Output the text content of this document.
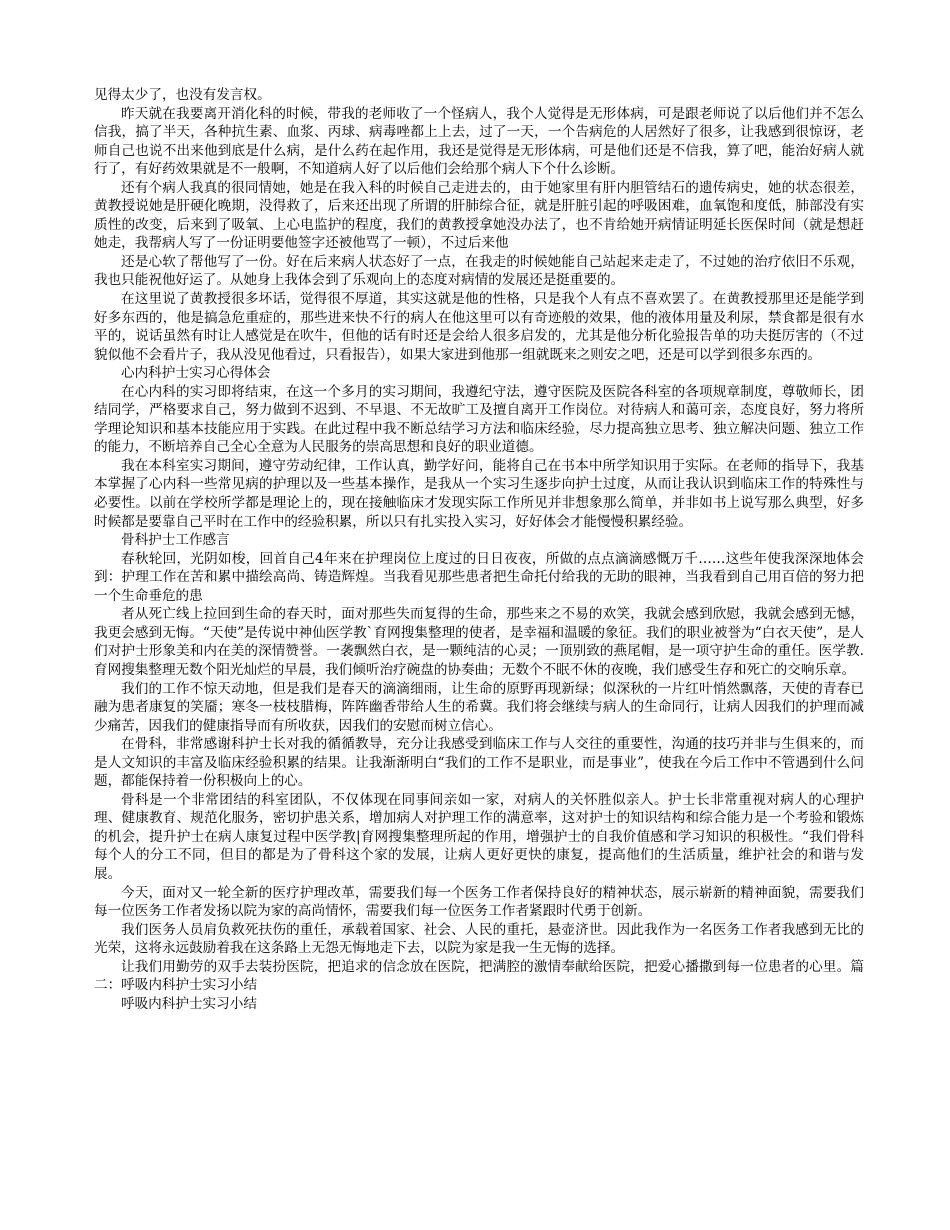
见得太少了，也没有发言权。

昨天就在我要离开消化科的时候，带我的老师收了一个怪病人，我个人觉得是无形体病，可是跟老师说了以后他们并不怎么信我，搞了半天，各种抗生素、血浆、丙球、病毒唑都上上去，过了一天，一个告病危的人居然好了很多，让我感到很惊讶，老师自己也说不出来他到底是什么病，是什么药在起作用，我还是觉得是无形体病，可是他们还是不信我，算了吧，能治好病人就行了，有好药效果就是不一般啊，不知道病人好了以后他们会给那个病人下个什么诊断。

还有个病人我真的很同情她，她是在我入科的时候自己走进去的，由于她家里有肝内胆管结石的遗传病史，她的状态很差，黄教授说她是肝硬化晚期，没得救了，后来还出现了所谓的肝肺综合征，就是肝脏引起的呼吸困难，血氧饱和度低，肺部没有实质性的改变，后来到了吸氧、上心电监护的程度，我们的黄教授拿她没办法了，也不肯给她开病情证明延长医保时间（就是想赶她走，我帮病人写了一份证明要他签字还被他骂了一顿），不过后来他

还是心软了帮他写了一份。好在后来病人状态好了一点，在我走的时候她能自己站起来走走了，不过她的治疗依旧不乐观，我也只能祝他好运了。从她身上我体会到了乐观向上的态度对病情的发展还是挺重要的。

在这里说了黄教授很多坏话，觉得很不厚道，其实这就是他的性格，只是我个人有点不喜欢罢了。在黄教授那里还是能学到好多东西的，他是搞急危重症的，那些进来快不行的病人在他这里可以有奇迹般的效果，他的液体用量及利尿，禁食都是很有水平的，说话虽然有时让人感觉是在吹牛，但他的话有时还是会给人很多启发的，尤其是他分析化验报告单的功夫挺厉害的（不过貌似他不会看片子，我从没见他看过，只看报告），如果大家进到他那一组就既来之则安之吧，还是可以学到很多东西的。

心内科护士实习心得体会

在心内科的实习即将结束，在这一个多月的实习期间，我遵纪守法，遵守医院及医院各科室的各项规章制度，尊敬师长，团结同学，严格要求自己，努力做到不迟到、不早退、不无故旷工及擅自离开工作岗位。对待病人和蔼可亲，态度良好，努力将所学理论知识和基本技能应用于实践。在此过程中我不断总结学习方法和临床经验，尽力提高独立思考、独立解决问题、独立工作的能力，不断培养自己全心全意为人民服务的崇高思想和良好的职业道德。

我在本科室实习期间，遵守劳动纪律，工作认真，勤学好问，能将自己在书本中所学知识用于实际。在老师的指导下，我基本掌握了心内科一些常见病的护理以及一些基本操作，是我从一个实习生逐步向护士过度，从而让我认识到临床工作的特殊性与必要性。以前在学校所学都是理论上的，现在接触临床才发现实际工作所见并非想象那么简单，并非如书上说写那么典型，好多时候都是要靠自己平时在工作中的经验积累，所以只有扎实投入实习，好好体会才能慢慢积累经验。

骨科护士工作感言

春秋轮回，光阴如梭，回首自己4年来在护理岗位上度过的日日夜夜，所做的点点滴滴感慨万千……这些年使我深深地体会到：护理工作在苦和累中描绘高尚、铸造辉煌。当我看见那些患者把生命托付给我的无助的眼神，当我看到自己用百倍的努力把一个生命垂危的患

者从死亡线上拉回到生命的春天时，面对那些失而复得的生命，那些来之不易的欢笑，我就会感到欣慰，我就会感到无憾，我更会感到无悔。“天使”是传说中神仙医学教`育网搜集整理的使者，是幸福和温暖的象征。我们的职业被誉为“白衣天使”，是人们对护士形象美和内在美的深情赞誉。一袭飘然白衣，是一颗纯洁的心灵；一顶别致的燕尾帽，是一项守护生命的重任。医学教.育网搜集整理无数个阳光灿烂的早晨，我们倾听治疗碗盘的协奏曲；无数个不眠不休的夜晚，我们感受生存和死亡的交响乐章。

我们的工作不惊天动地，但是我们是春天的滴滴细雨，让生命的原野再现新绿；似深秋的一片红叶悄然飘落，天使的青春已融为患者康复的笑靥；寒冬一枝枝腊梅，阵阵幽香带给人生的希冀。我们将会继续与病人的生命同行，让病人因我们的护理而减少痛苦，因我们的健康指导而有所收获，因我们的安慰而树立信心。

在骨科，非常感谢科护士长对我的循循教导，充分让我感受到临床工作与人交往的重要性，沟通的技巧并非与生俱来的，而是人文知识的丰富及临床经验积累的结果。让我渐渐明白“我们的工作不是职业，而是事业”，使我在今后工作中不管遇到什么问题，都能保持着一份积极向上的心。

骨科是一个非常团结的科室团队，不仅体现在同事间亲如一家，对病人的关怀胜似亲人。护士长非常重视对病人的心理护理、健康教育、规范化服务，密切护患关系，增加病人对护理工作的满意率，这对护士的知识结构和综合能力是一个考验和锻炼的机会，提升护士在病人康复过程中医学教|育网搜集整理所起的作用，增强护士的自我价值感和学习知识的积极性。“我们骨科每个人的分工不同，但目的都是为了骨科这个家的发展，让病人更好更快的康复，提高他们的生活质量，维护社会的和谐与发展。

今天，面对又一轮全新的医疗护理改革，需要我们每一个医务工作者保持良好的精神状态，展示崭新的精神面貌，需要我们每一位医务工作者发扬以院为家的高尚情怀，需要我们每一位医务工作者紧跟时代勇于创新。

我们医务人员肩负救死扶伤的重任，承载着国家、社会、人民的重托，悬壶济世。因此我作为一名医务工作者我感到无比的光荣，这将永远鼓励着我在这条路上无怨无悔地走下去，以院为家是我一生无悔的选择。

让我们用勤劳的双手去装扮医院，把追求的信念放在医院，把满腔的激情奉献给医院，把爱心播撒到每一位患者的心里。篇二：呼吸内科护士实习小结

呼吸内科护士实习小结
